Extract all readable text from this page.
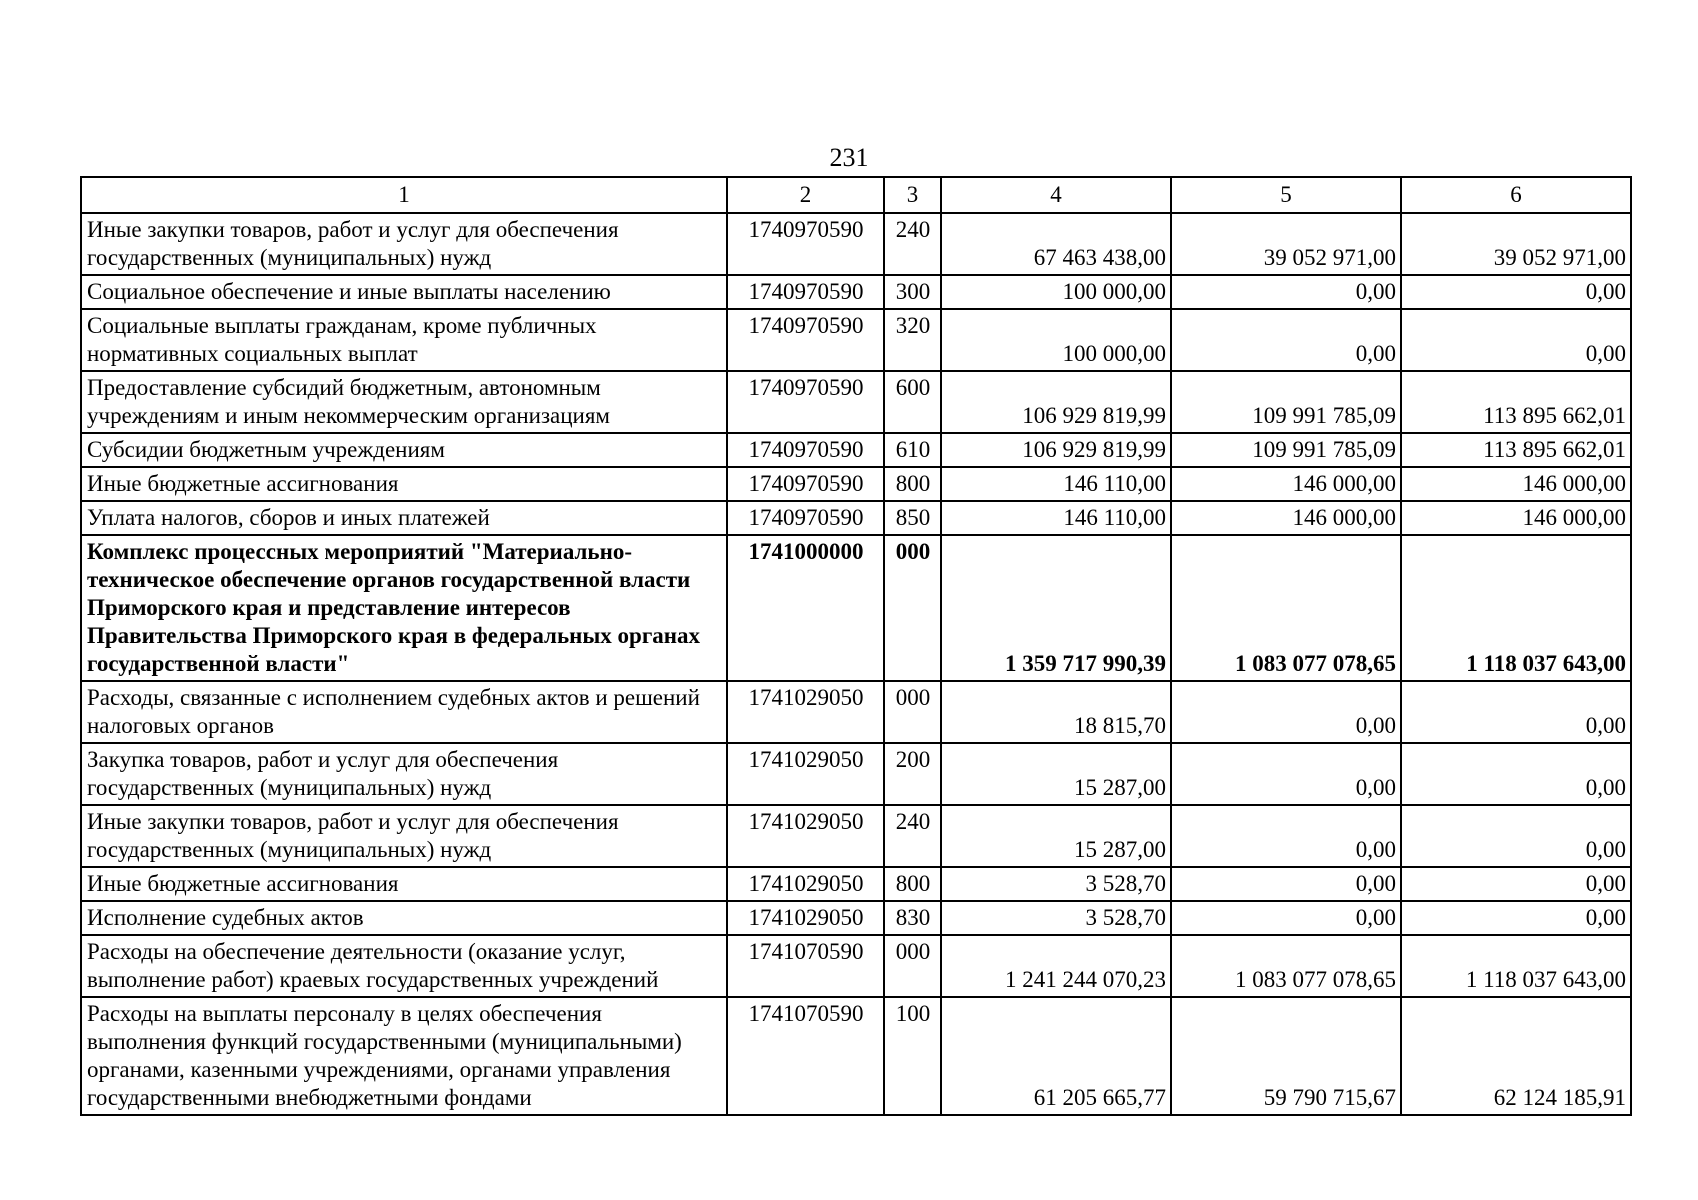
231
1	2	3	4	5	6
Иные закупки товаров, работ и услуг для обеспечения государственных (муниципальных) нужд	1740970590	240	67 463 438,00	39 052 971,00	39 052 971,00
Социальное обеспечение и иные выплаты населению	1740970590	300	100 000,00	0,00	0,00
Социальные выплаты гражданам, кроме публичных нормативных социальных выплат	1740970590	320	100 000,00	0,00	0,00
Предоставление субсидий бюджетным, автономным учреждениям и иным некоммерческим организациям	1740970590	600	106 929 819,99	109 991 785,09	113 895 662,01
Субсидии бюджетным учреждениям	1740970590	610	106 929 819,99	109 991 785,09	113 895 662,01
Иные бюджетные ассигнования	1740970590	800	146 110,00	146 000,00	146 000,00
Уплата налогов, сборов и иных платежей	1740970590	850	146 110,00	146 000,00	146 000,00
Комплекс процессных мероприятий "Материально-техническое обеспечение органов государственной власти Приморского края и представление интересов Правительства Приморского края в федеральных органах государственной власти"	1741000000	000	1 359 717 990,39	1 083 077 078,65	1 118 037 643,00
Расходы, связанные с исполнением судебных актов и решений налоговых органов	1741029050	000	18 815,70	0,00	0,00
Закупка товаров, работ и услуг для обеспечения государственных (муниципальных) нужд	1741029050	200	15 287,00	0,00	0,00
Иные закупки товаров, работ и услуг для обеспечения государственных (муниципальных) нужд	1741029050	240	15 287,00	0,00	0,00
Иные бюджетные ассигнования	1741029050	800	3 528,70	0,00	0,00
Исполнение судебных актов	1741029050	830	3 528,70	0,00	0,00
Расходы на обеспечение деятельности (оказание услуг, выполнение работ) краевых государственных учреждений	1741070590	000	1 241 244 070,23	1 083 077 078,65	1 118 037 643,00
Расходы на выплаты персоналу в целях обеспечения выполнения функций государственными (муниципальными) органами, казенными учреждениями, органами управления государственными внебюджетными фондами	1741070590	100	61 205 665,77	59 790 715,67	62 124 185,91
